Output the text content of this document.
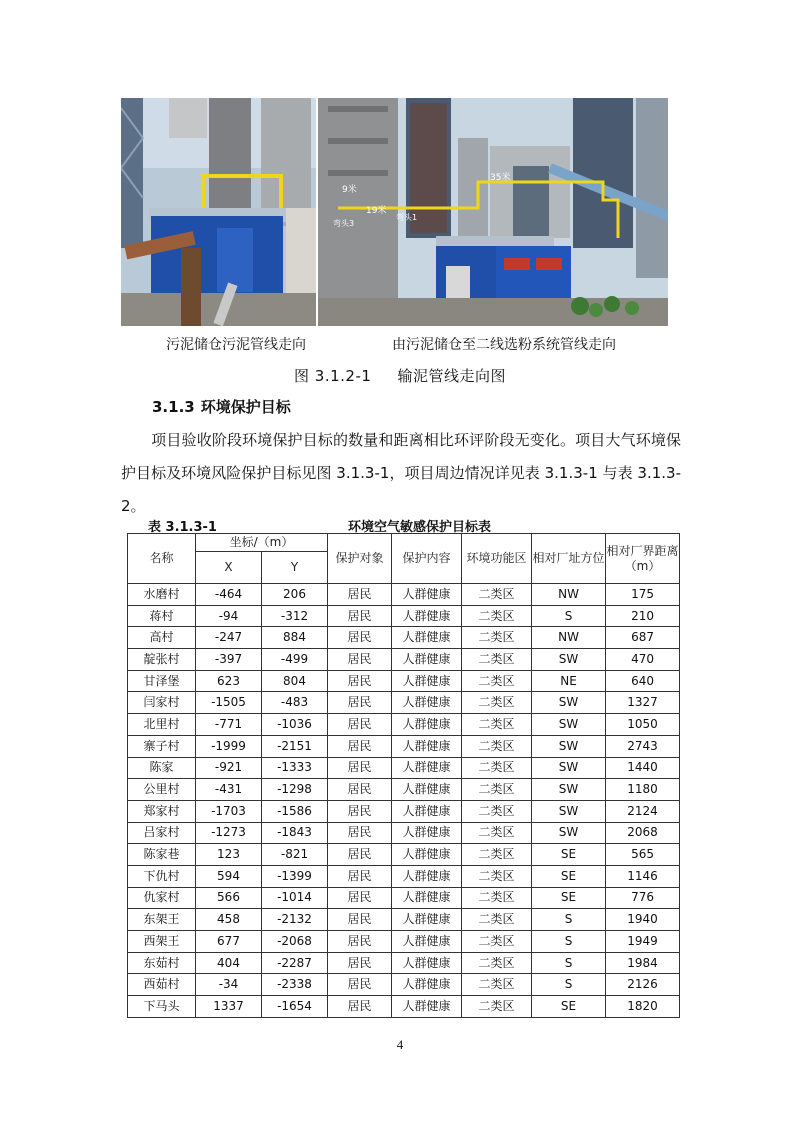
9米
19米
弯头3
弯头1
35米
污泥储仓污泥管线走向	由污泥储仓至二线选粉系统管线走向
图 3.1.2-1 输泥管线走向图
3.1.3 环境保护目标
　　项目验收阶段环境保护目标的数量和距离相比环评阶段无变化。项目大气环境保护目标及环境风险保护目标见图 3.1.3-1，项目周边情况详见表 3.1.3-1 与表 3.1.3-2。
表 3.1.3-1	环境空气敏感保护目标表
名称	坐标/（m）		保护对象	保护内容	环境功能区	相对厂址方位	相对厂界距离（m）
	X	Y					
水磨村	-464	206	居民	人群健康	二类区	NW	175
蒋村	-94	-312	居民	人群健康	二类区	S	210
高村	-247	884	居民	人群健康	二类区	NW	687
靛张村	-397	-499	居民	人群健康	二类区	SW	470
甘泽堡	623	804	居民	人群健康	二类区	NE	640
闫家村	-1505	-483	居民	人群健康	二类区	SW	1327
北里村	-771	-1036	居民	人群健康	二类区	SW	1050
寨子村	-1999	-2151	居民	人群健康	二类区	SW	2743
陈家	-921	-1333	居民	人群健康	二类区	SW	1440
公里村	-431	-1298	居民	人群健康	二类区	SW	1180
郑家村	-1703	-1586	居民	人群健康	二类区	SW	2124
吕家村	-1273	-1843	居民	人群健康	二类区	SW	2068
陈家巷	123	-821	居民	人群健康	二类区	SE	565
下仇村	594	-1399	居民	人群健康	二类区	SE	1146
仇家村	566	-1014	居民	人群健康	二类区	SE	776
东架王	458	-2132	居民	人群健康	二类区	S	1940
西架王	677	-2068	居民	人群健康	二类区	S	1949
东茹村	404	-2287	居民	人群健康	二类区	S	1984
西茹村	-34	-2338	居民	人群健康	二类区	S	2126
下马头	1337	-1654	居民	人群健康	二类区	SE	1820
4
